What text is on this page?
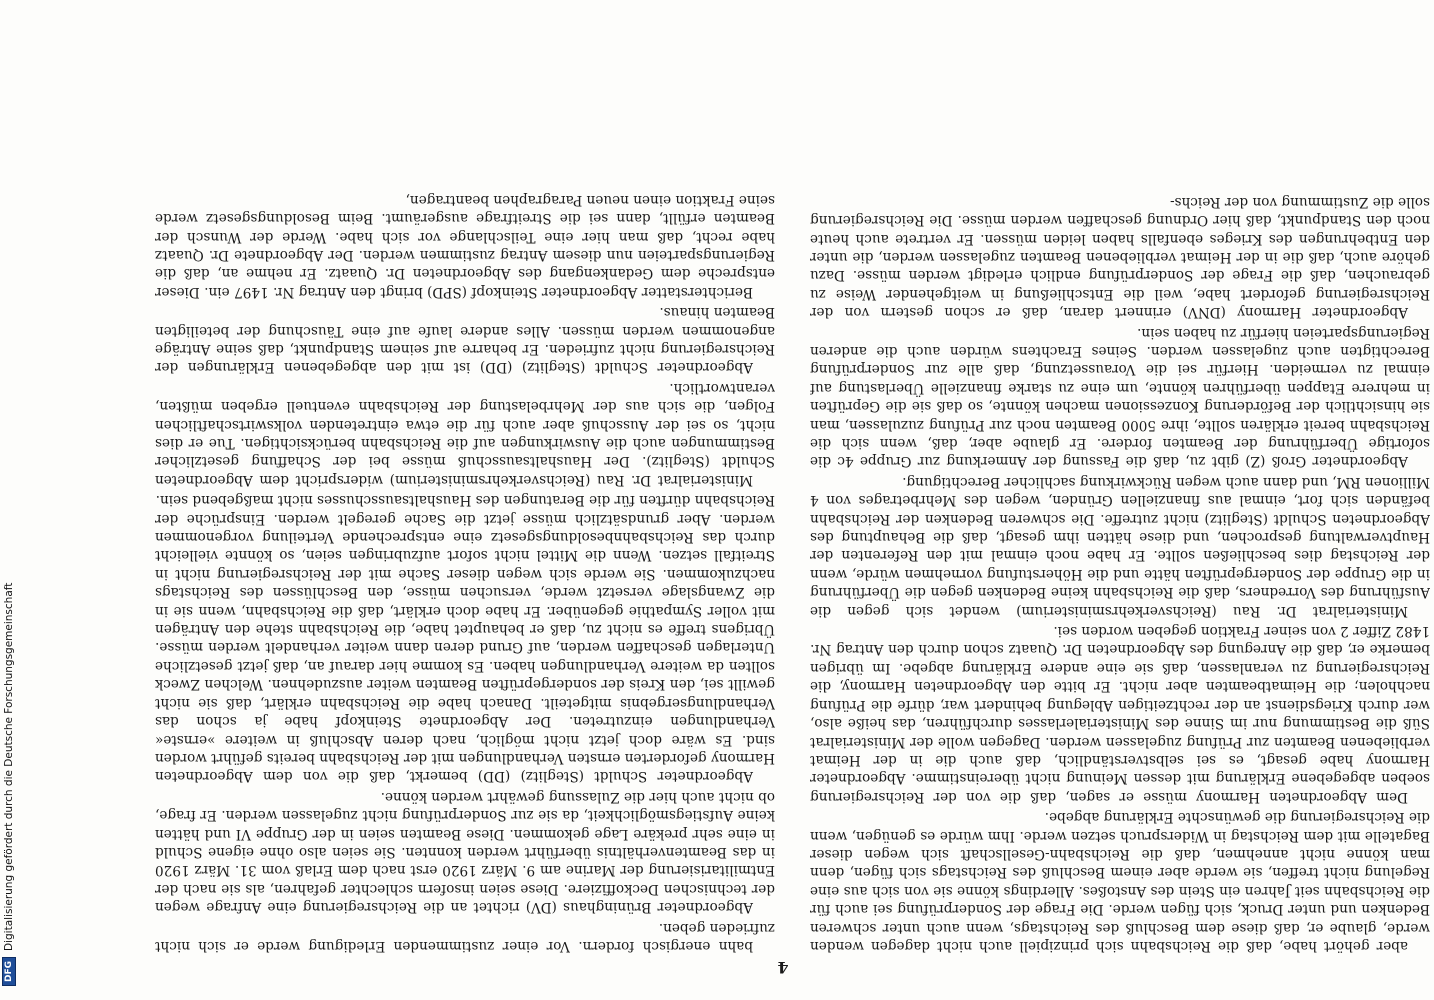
4

aber gehört habe, daß die Reichsbahn sich prinzipiell auch nicht dagegen wenden werde, glaube er, daß diese dem Beschluß des Reichstags, wenn auch unter schweren Bedenken und unter Druck, sich fügen werde. Die Frage der Sonderprüfung sei auch für die Reichsbahn seit Jahren ein Stein des Anstoßes. Allerdings könne sie von sich aus eine Regelung nicht treffen, sie werde aber einem Beschluß des Reichstags sich fügen, denn man könne nicht annehmen, daß die Reichsbahn-Gesellschaft sich wegen dieser Bagatelle mit dem Reichstag in Widerspruch setzen werde. Ihm würde es genügen, wenn die Reichsregierung die gewünschte Erklärung abgebe.

Dem Abgeordneten Harmony müsse er sagen, daß die von der Reichsregierung soeben abgegebene Erklärung mit dessen Meinung nicht übereinstimme. Abgeordneter Harmony habe gesagt, es sei selbstverständlich, daß auch die in der Heimat verbliebenen Beamten zur Prüfung zugelassen werden. Dagegen wolle der Ministerialrat Süß die Bestimmung nur im Sinne des Ministerialerlasses durchführen, das heiße also, wer durch Kriegsdienst an der rechtzeitigen Ablegung behindert war, dürfe die Prüfung nachholen; die Heimatbeamten aber nicht. Er bitte den Abgeordneten Harmony, die Reichsregierung zu veranlassen, daß sie eine andere Erklärung abgebe. Im übrigen bemerke er, daß die Anregung des Abgeordneten Dr. Quaatz schon durch den Antrag Nr. 1482 Ziffer 2 von seiner Fraktion gegeben worden sei.

Ministerialrat Dr. Rau (Reichsverkehrsministerium) wendet sich gegen die Ausführung des Vorredners, daß die Reichsbahn keine Bedenken gegen die Überführung in die Gruppe der Sondergeprüften hätte und die Höherstufung vornehmen würde, wenn der Reichstag dies beschließen sollte. Er habe noch einmal mit den Referenten der Hauptverwaltung gesprochen, und diese hätten ihm gesagt, daß die Behauptung des Abgeordneten Schuldt (Steglitz) nicht zutreffe. Die schweren Bedenken der Reichsbahn befänden sich fort, einmal aus finanziellen Gründen, wegen des Mehrbetrages von 4 Millionen RM, und dann auch wegen Rückwirkung sachlicher Berechtigung.

Abgeordneter Groß (Z) gibt zu, daß die Fassung der Anmerkung zur Gruppe 4c die sofortige Überführung der Beamten fordere. Er glaube aber, daß, wenn sich die Reichsbahn bereit erklären sollte, ihre 5000 Beamten noch zur Prüfung zuzulassen, man sie hinsichtlich der Beförderung Konzessionen machen könnte, so daß sie die Geprüften in mehrere Etappen überführen könnte, um eine zu starke finanzielle Überlastung auf einmal zu vermeiden. Hierfür sei die Voraussetzung, daß alle zur Sonderprüfung Berechtigten auch zugelassen werden. Seines Erachtens würden auch die anderen Regierungsparteien hierfür zu haben sein.

Abgeordneter Harmony (DNV) erinnert daran, daß er schon gestern von der Reichsregierung gefordert habe, weil die Entschließung in weitgehender Weise zu gebrauchen, daß die Frage der Sonderprüfung endlich erledigt werden müsse. Dazu gehöre auch, daß die in der Heimat verbliebenen Beamten zugelassen werden, die unter den Entbehrungen des Krieges ebenfalls haben leiden müssen. Er vertrete auch heute noch den Standpunkt, daß hier Ordnung geschaffen werden müsse. Die Reichsregierung solle die Zustimmung von der Reichs-

bahn energisch fordern. Vor einer zustimmenden Erledigung werde er sich nicht zufrieden geben.

Abgeordneter Brüninghaus (DV) richtet an die Reichsregierung eine Anfrage wegen der technischen Deckoffiziere. Diese seien insofern schlechter gefahren, als sie nach der Entmilitarisierung der Marine am 9. März 1920 erst nach dem Erlaß vom 31. März 1920 in das Beamtenverhältnis überführt werden konnten. Sie seien also ohne eigene Schuld in eine sehr prekäre Lage gekommen. Diese Beamten seien in der Gruppe VI und hätten keine Aufstiegsmöglichkeit, da sie zur Sonderprüfung nicht zugelassen werden. Er frage, ob nicht auch hier die Zulassung gewährt werden könne.

Abgeordneter Schuldt (Steglitz) (DD) bemerkt, daß die von dem Abgeordneten Harmony geforderten ernsten Verhandlungen mit der Reichsbahn bereits geführt worden sind. Es wäre doch jetzt nicht möglich, nach deren Abschluß in weitere »ernste« Verhandlungen einzutreten. Der Abgeordnete Steinkopf habe ja schon das Verhandlungsergebnis mitgeteilt. Danach habe die Reichsbahn erklärt, daß sie nicht gewillt sei, den Kreis der sondergeprüften Beamten weiter auszudehnen. Welchen Zweck sollten da weitere Verhandlungen haben. Es komme hier darauf an, daß jetzt gesetzliche Unterlagen geschaffen werden, auf Grund deren dann weiter verhandelt werden müsse. Übrigens treffe es nicht zu, daß er behauptet habe, die Reichsbahn stehe den Anträgen mit voller Sympathie gegenüber. Er habe doch erklärt, daß die Reichsbahn, wenn sie in die Zwangslage versetzt werde, versuchen müsse, den Beschlüssen des Reichstags nachzukommen. Sie werde sich wegen dieser Sache mit der Reichsregierung nicht in Streitfall setzen. Wenn die Mittel nicht sofort aufzubringen seien, so könnte vielleicht durch das Reichsbahnbesoldungsgesetz eine entsprechende Verteilung vorgenommen werden. Aber grundsätzlich müsse jetzt die Sache geregelt werden. Einsprüche der Reichsbahn dürften für die Beratungen des Haushaltsausschusses nicht maßgebend sein.

Ministerialrat Dr. Rau (Reichsverkehrsministerium) widerspricht dem Abgeordneten Schuldt (Steglitz). Der Haushaltsausschuß müsse bei der Schaffung gesetzlicher Bestimmungen auch die Auswirkungen auf die Reichsbahn berücksichtigen. Tue er dies nicht, so sei der Ausschuß aber auch für die etwa eintretenden volkswirtschaftlichen Folgen, die sich aus der Mehrbelastung der Reichsbahn eventuell ergeben müßten, verantwortlich.

Abgeordneter Schuldt (Steglitz) (DD) ist mit den abgegebenen Erklärungen der Reichsregierung nicht zufrieden. Er beharre auf seinem Standpunkt, daß seine Anträge angenommen werden müssen. Alles andere laufe auf eine Täuschung der beteiligten Beamten hinaus.

Berichterstatter Abgeordneter Steinkopf (SPD) bringt den Antrag Nr. 1497 ein. Dieser entspreche dem Gedankengang des Abgeordneten Dr. Quaatz. Er nehme an, daß die Regierungsparteien nun diesem Antrag zustimmen werden. Der Abgeordnete Dr. Quaatz habe recht, daß man hier eine Teilschlange vor sich habe. Werde der Wunsch der Beamten erfüllt, dann sei die Streitfrage ausgeräumt. Beim Besoldungsgesetz werde seine Fraktion einen neuen Paragraphen beantragen,

DFG
Digitalisierung gefördert durch die Deutsche Forschungsgemeinschaft
